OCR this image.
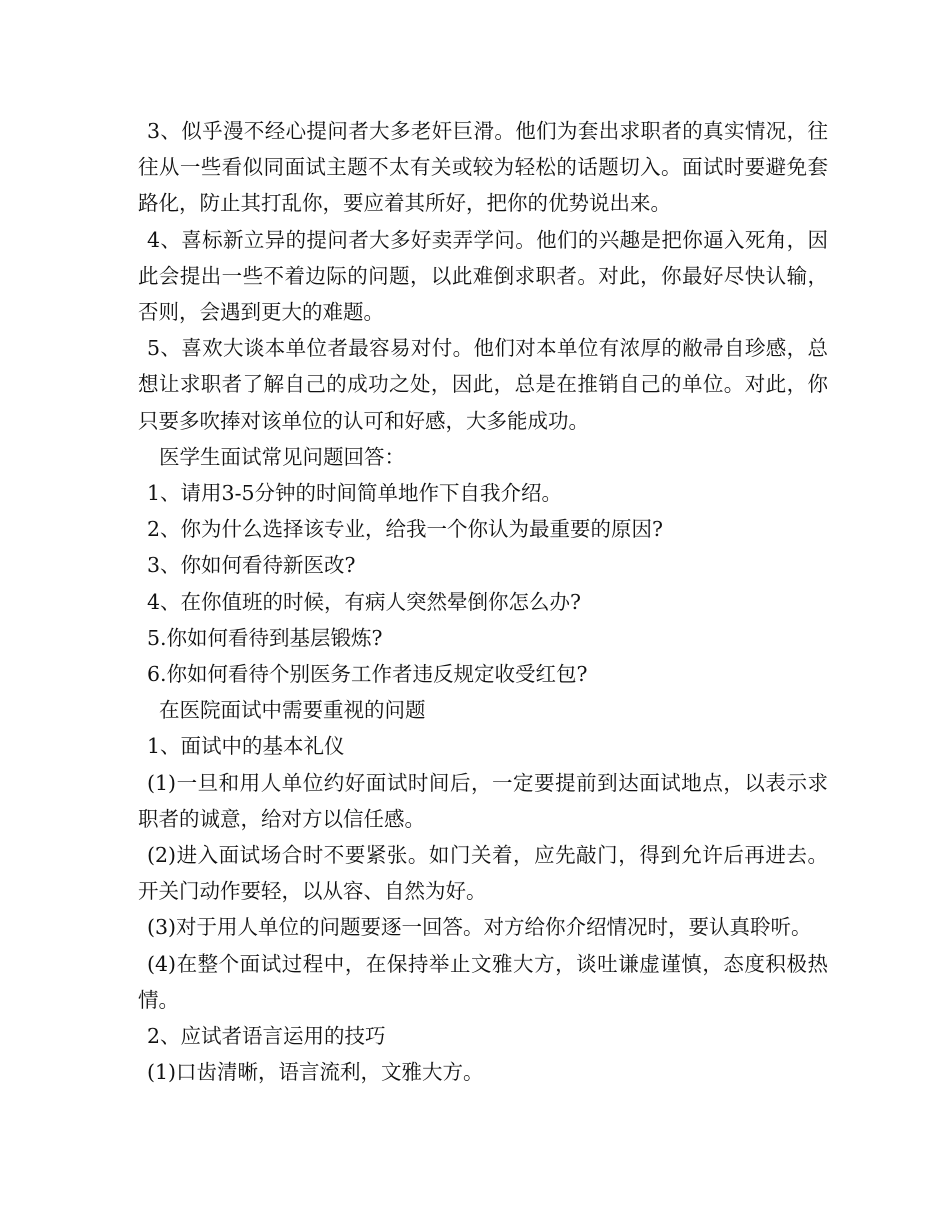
3、似乎漫不经心提问者大多老奸巨滑。他们为套出求职者的真实情况，往往从一些看似同面试主题不太有关或较为轻松的话题切入。面试时要避免套路化，防止其打乱你，要应着其所好，把你的优势说出来。

4、喜标新立异的提问者大多好卖弄学问。他们的兴趣是把你逼入死角，因此会提出一些不着边际的问题，以此难倒求职者。对此，你最好尽快认输，否则，会遇到更大的难题。

5、喜欢大谈本单位者最容易对付。他们对本单位有浓厚的敝帚自珍感，总想让求职者了解自己的成功之处，因此，总是在推销自己的单位。对此，你只要多吹捧对该单位的认可和好感，大多能成功。

医学生面试常见问题回答：

1、请用3-5分钟的时间简单地作下自我介绍。

2、你为什么选择该专业，给我一个你认为最重要的原因?

3、你如何看待新医改?

4、在你值班的时候，有病人突然晕倒你怎么办?

5.你如何看待到基层锻炼?

6.你如何看待个别医务工作者违反规定收受红包?

在医院面试中需要重视的问题

1、面试中的基本礼仪

(1)一旦和用人单位约好面试时间后，一定要提前到达面试地点，以表示求职者的诚意，给对方以信任感。

(2)进入面试场合时不要紧张。如门关着，应先敲门，得到允许后再进去。开关门动作要轻，以从容、自然为好。

(3)对于用人单位的问题要逐一回答。对方给你介绍情况时，要认真聆听。

(4)在整个面试过程中，在保持举止文雅大方，谈吐谦虚谨慎，态度积极热情。

2、应试者语言运用的技巧

(1)口齿清晰，语言流利，文雅大方。
